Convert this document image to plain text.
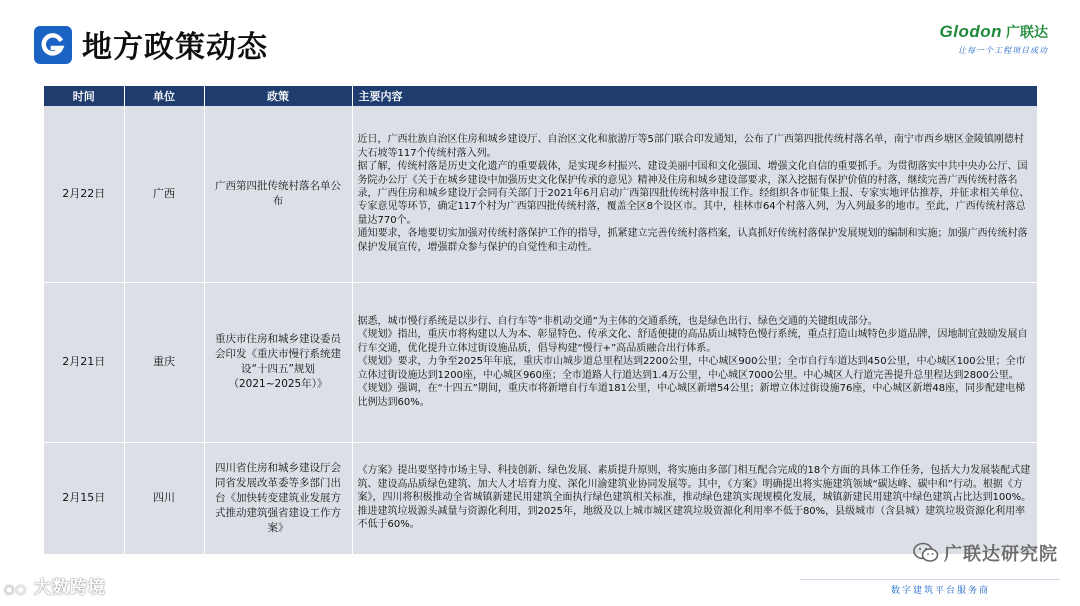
地方政策动态	Glodon 广联达
让每一个工程项目成功
时间	单位	政策	主要内容
2月22日	广西	广西第四批传统村落名单公布	近日，广西壮族自治区住房和城乡建设厅、自治区文化和旅游厅等5部门联合印发通知，公布了广西第四批传统村落名单，南宁市西乡塘区金陵镇刚德村大石坡等117个传统村落入列。

据了解，传统村落是历史文化遗产的重要载体，是实现乡村振兴、建设美丽中国和文化强国、增强文化自信的重要抓手。为贯彻落实中共中央办公厅、国务院办公厅《关于在城乡建设中加强历史文化保护传承的意见》精神及住房和城乡建设部要求，深入挖掘有保护价值的村落，继续完善广西传统村落名录，广西住房和城乡建设厅会同有关部门于2021年6月启动广西第四批传统村落申报工作。经组织各市征集上报、专家实地评估推荐，并征求相关单位、专家意见等环节，确定117个村为广西第四批传统村落，覆盖全区8个设区市。其中，桂林市64个村落入列，为入列最多的地市。至此，广西传统村落总量达770个。

通知要求，各地要切实加强对传统村落保护工作的指导，抓紧建立完善传统村落档案，认真抓好传统村落保护发展规划的编制和实施；加强广西传统村落保护发展宣传，增强群众参与保护的自觉性和主动性。

2月21日	重庆	重庆市住房和城乡建设委员会印发《重庆市慢行系统建设“十四五”规划（2021~2025年）》	据悉，城市慢行系统是以步行、自行车等“非机动交通”为主体的交通系统，也是绿色出行、绿色交通的关键组成部分。

《规划》指出，重庆市将构建以人为本、彰显特色、传承文化、舒适便捷的高品质山城特色慢行系统，重点打造山城特色步道品牌，因地制宜鼓励发展自行车交通，优化提升立体过街设施品质，倡导构建“慢行+”高品质融合出行体系。

《规划》要求，力争至2025年年底，重庆市山城步道总里程达到2200公里，中心城区900公里；全市自行车道达到450公里，中心城区100公里；全市立体过街设施达到1200座，中心城区960座；全市道路人行道达到1.4万公里，中心城区7000公里。中心城区人行道完善提升总里程达到2800公里。

《规划》强调，在“十四五”期间，重庆市将新增自行车道181公里，中心城区新增54公里；新增立体过街设施76座，中心城区新增48座，同步配建电梯比例达到60%。

2月15日	四川	四川省住房和城乡建设厅会同省发展改革委等多部门出台《加快转变建筑业发展方式推动建筑强省建设工作方案》	《方案》提出要坚持市场主导、科技创新、绿色发展、素质提升原则，将实施由多部门相互配合完成的18个方面的具体工作任务，包括大力发展装配式建筑、建设高品质绿色建筑、加大人才培育力度、深化川渝建筑业协同发展等。其中，《方案》明确提出将实施建筑领域“碳达峰、碳中和”行动。根据《方案》，四川将积极推动全省城镇新建民用建筑全面执行绿色建筑相关标准，推动绿色建筑实现规模化发展，城镇新建民用建筑中绿色建筑占比达到100%。推进建筑垃圾源头减量与资源化利用，到2025年，地级及以上城市城区建筑垃圾资源化利用率不低于80%，县级城市（含县城）建筑垃圾资源化利用率不低于60%。

◉○ 大数跨境
广联达研究院
数字建筑平台服务商
